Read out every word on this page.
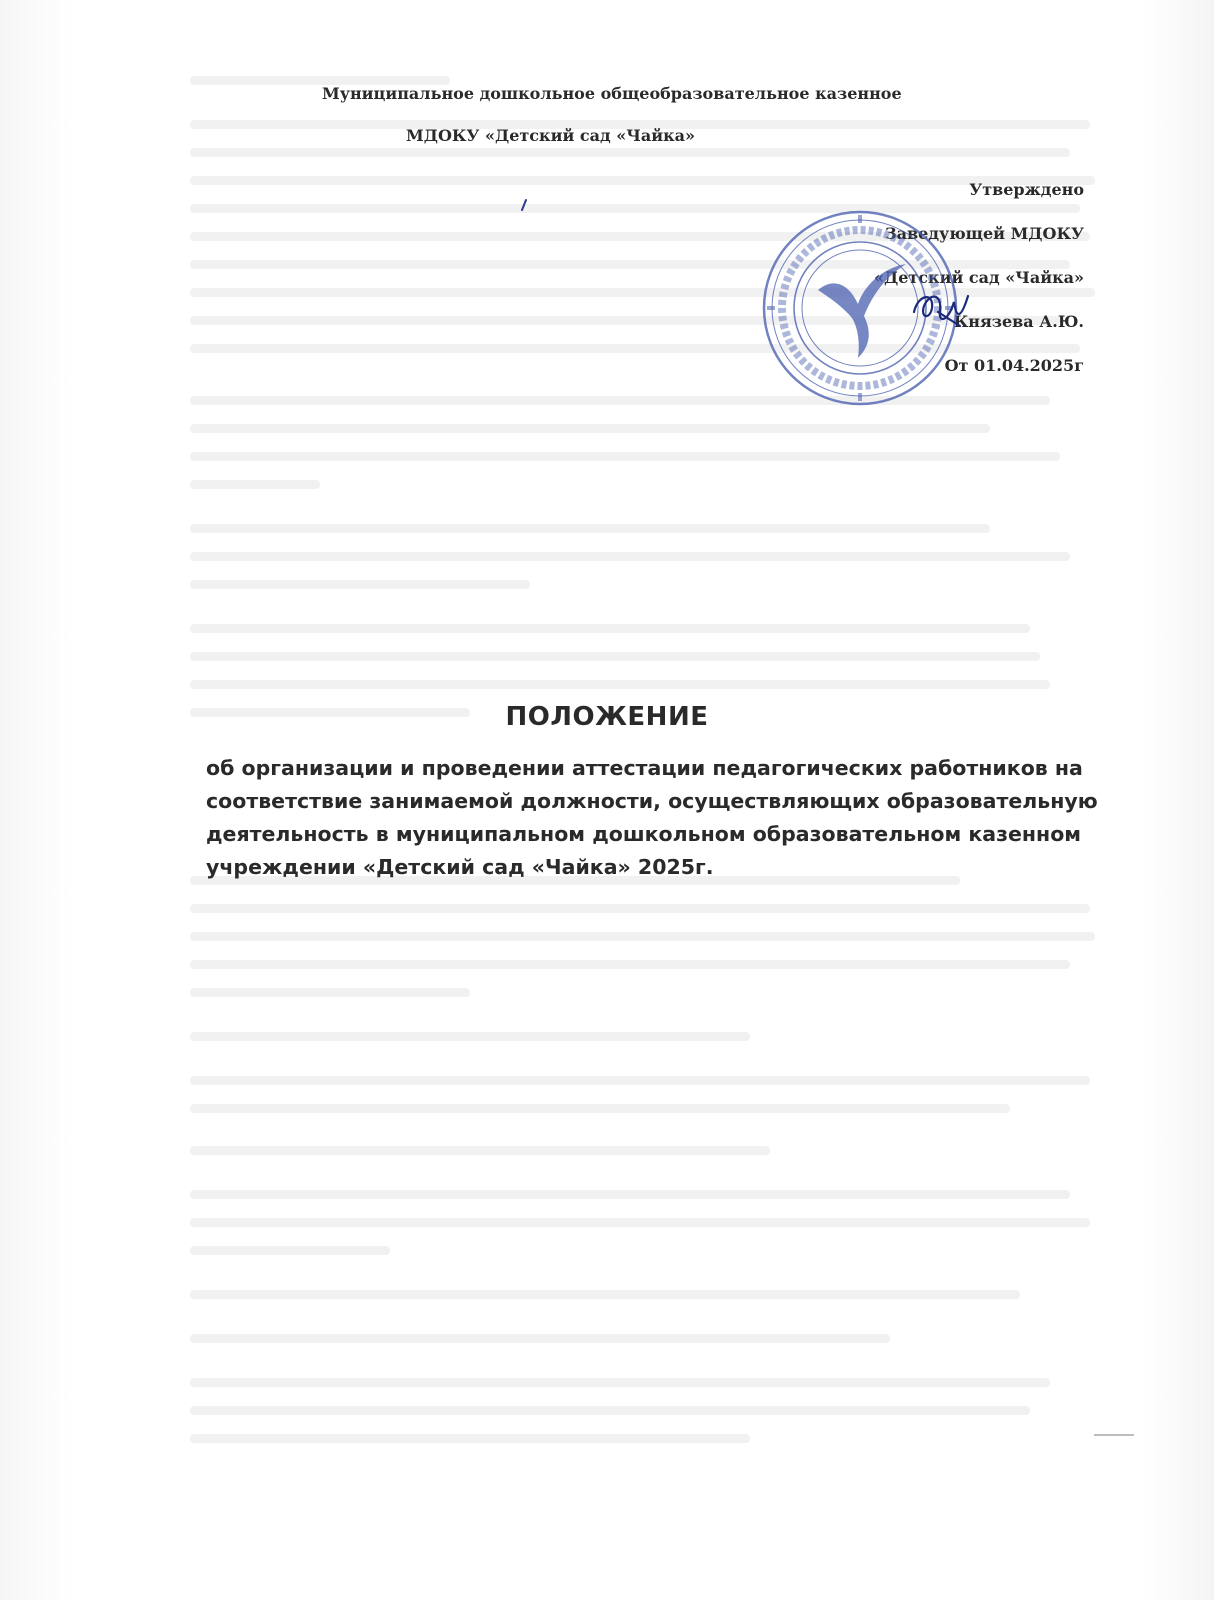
Муниципальное дошкольное общеобразовательное казенное
МДОКУ «Детский сад «Чайка»
Утверждено
Заведующей МДОКУ
«Детский сад «Чайка»
Князева А.Ю.
От 01.04.2025г
ПОЛОЖЕНИЕ
об организации и проведении аттестации педагогических работников на
соответствие занимаемой должности, осуществляющих образовательную
деятельность в муниципальном дошкольном образовательном казенном
учреждении «Детский сад «Чайка» 2025г.
